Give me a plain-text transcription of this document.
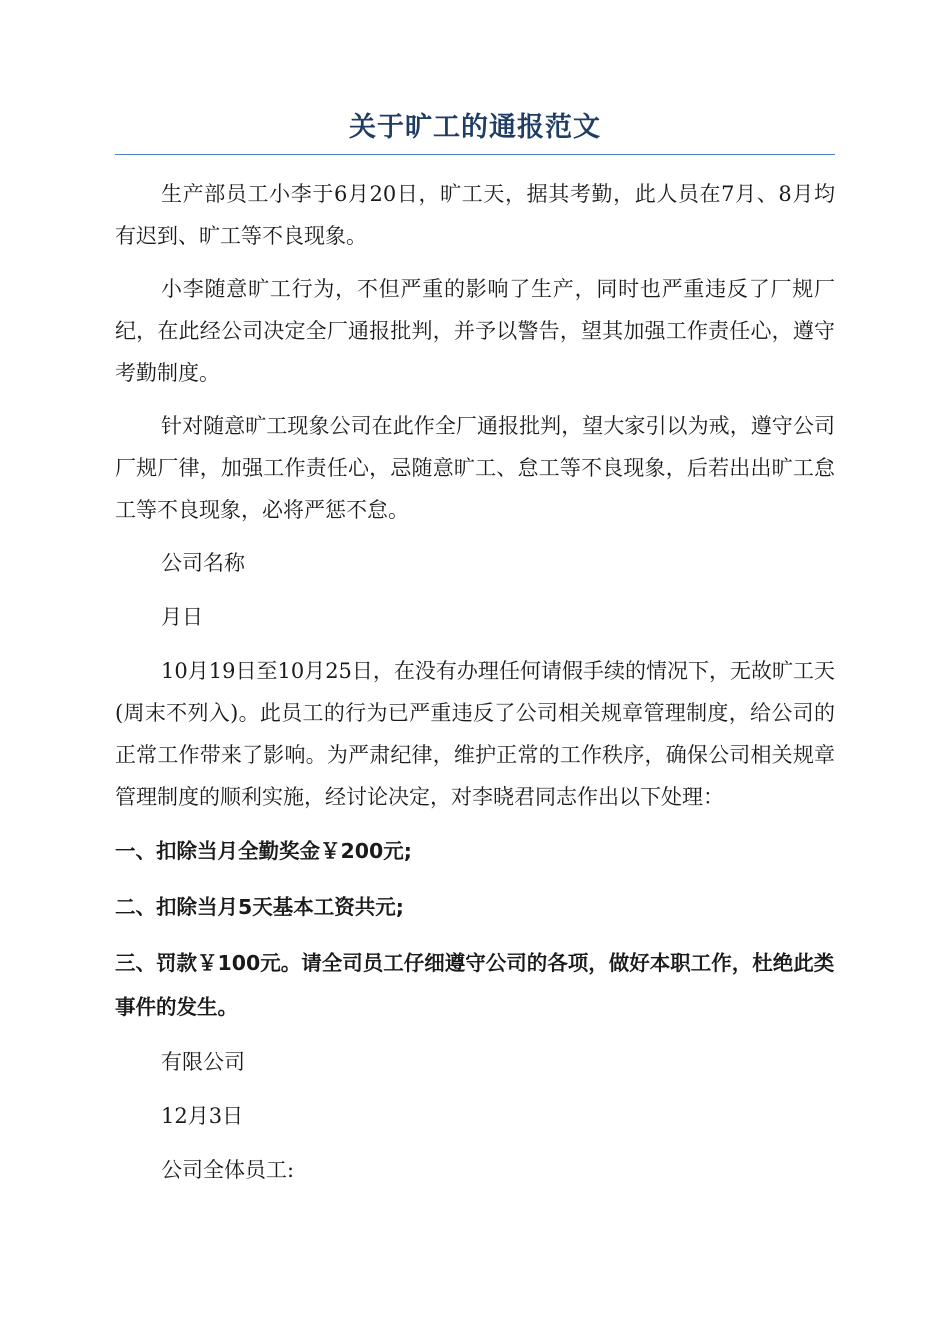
关于旷工的通报范文

生产部员工小李于6月20日，旷工天，据其考勤，此人员在7月、8月均有迟到、旷工等不良现象。

小李随意旷工行为，不但严重的影响了生产，同时也严重违反了厂规厂纪，在此经公司决定全厂通报批判，并予以警告，望其加强工作责任心，遵守考勤制度。

针对随意旷工现象公司在此作全厂通报批判，望大家引以为戒，遵守公司厂规厂律，加强工作责任心，忌随意旷工、怠工等不良现象，后若出出旷工怠工等不良现象，必将严惩不怠。

公司名称

月日

10月19日至10月25日，在没有办理任何请假手续的情况下，无故旷工天(周末不列入)。此员工的行为已严重违反了公司相关规章管理制度，给公司的正常工作带来了影响。为严肃纪律，维护正常的工作秩序，确保公司相关规章管理制度的顺利实施，经讨论决定，对李晓君同志作出以下处理：

一、扣除当月全勤奖金￥200元;

二、扣除当月5天基本工资共元;

三、罚款￥100元。请全司员工仔细遵守公司的各项，做好本职工作，杜绝此类事件的发生。

有限公司

12月3日

公司全体员工:
